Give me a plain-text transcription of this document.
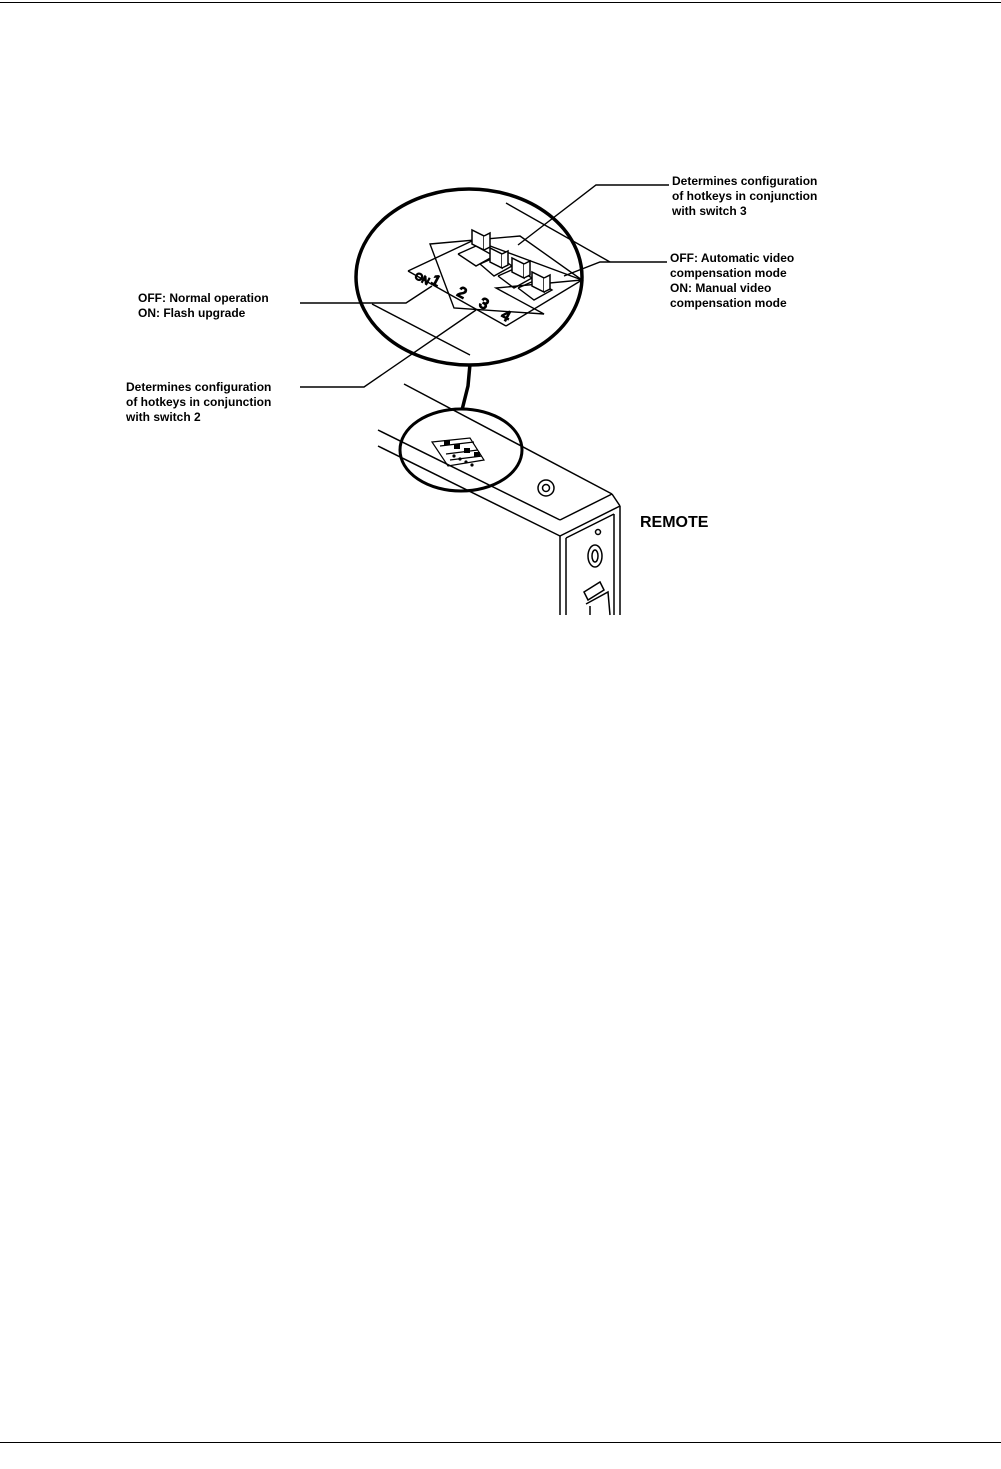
ON
1
2
3
4
Determines configuration
of hotkeys in conjunction
with switch 3
OFF: Automatic video
compensation mode
ON: Manual video
compensation mode
OFF: Normal operation
ON: Flash upgrade
Determines configuration
of hotkeys in conjunction
with switch 2
REMOTE
